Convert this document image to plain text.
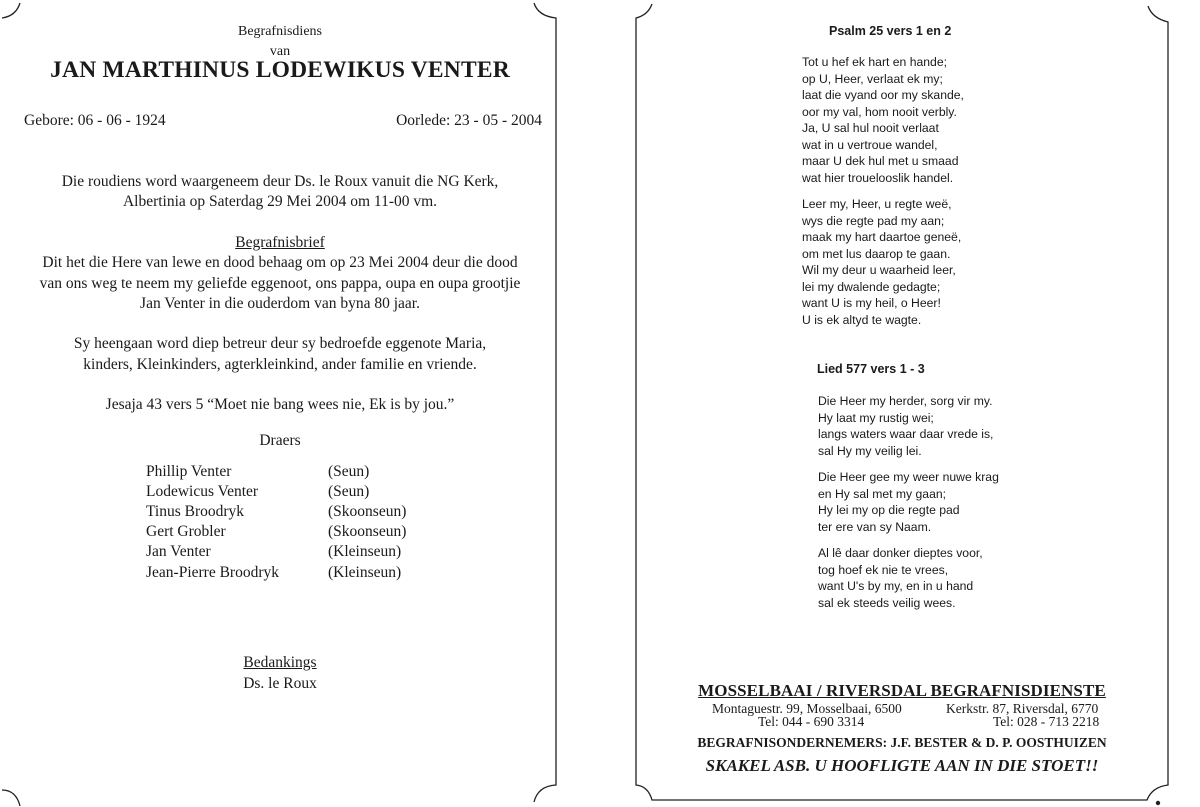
Begrafnisdiens
van
JAN MARTHINUS LODEWIKUS VENTER
Gebore: 06 - 06 - 1924	Oorlede: 23 - 05 - 2004
Die roudiens word waargeneem deur Ds. le Roux vanuit die NG Kerk,
Albertinia op Saterdag 29 Mei 2004 om 11-00 vm.
Begrafnisbrief
Dit het die Here van lewe en dood behaag om op 23 Mei 2004 deur die dood
van ons weg te neem my geliefde eggenoot, ons pappa, oupa en oupa grootjie
Jan Venter in die ouderdom van byna 80 jaar.
Sy heengaan word diep betreur deur sy bedroefde eggenote Maria,
kinders, Kleinkinders, agterkleinkind, ander familie en vriende.
Jesaja 43 vers 5 “Moet nie bang wees nie, Ek is by jou.”
Draers
Phillip Venter	(Seun)
Lodewicus Venter	(Seun)
Tinus Broodryk	(Skoonseun)
Gert Grobler	(Skoonseun)
Jan Venter	(Kleinseun)
Jean-Pierre Broodryk	(Kleinseun)
Bedankings
Ds. le Roux
Psalm 25 vers 1 en 2
Tot u hef ek hart en hande;
op U, Heer, verlaat ek my;
laat die vyand oor my skande,
oor my val, hom nooit verbly.
Ja, U sal hul nooit verlaat
wat in u vertroue wandel,
maar U dek hul met u smaad
wat hier trouelooslik handel.
Leer my, Heer, u regte weë,
wys die regte pad my aan;
maak my hart daartoe geneë,
om met lus daarop te gaan.
Wil my deur u waarheid leer,
lei my dwalende gedagte;
want U is my heil, o Heer!
U is ek altyd te wagte.
Lied 577 vers 1 - 3
Die Heer my herder, sorg vir my.
Hy laat my rustig wei;
langs waters waar daar vrede is,
sal Hy my veilig lei.
Die Heer gee my weer nuwe krag
en Hy sal met my gaan;
Hy lei my op die regte pad
ter ere van sy Naam.
Al lê daar donker dieptes voor,
tog hoef ek nie te vrees,
want U's by my, en in u hand
sal ek steeds veilig wees.
MOSSELBAAI / RIVERSDAL BEGRAFNISDIENSTE
Montaguestr. 99, Mosselbaai, 6500
Tel: 044 - 690 3314
Kerkstr. 87, Riversdal, 6770
Tel: 028 - 713 2218
BEGRAFNISONDERNEMERS: J.F. BESTER & D. P. OOSTHUIZEN
SKAKEL ASB. U HOOFLIGTE AAN IN DIE STOET!!
